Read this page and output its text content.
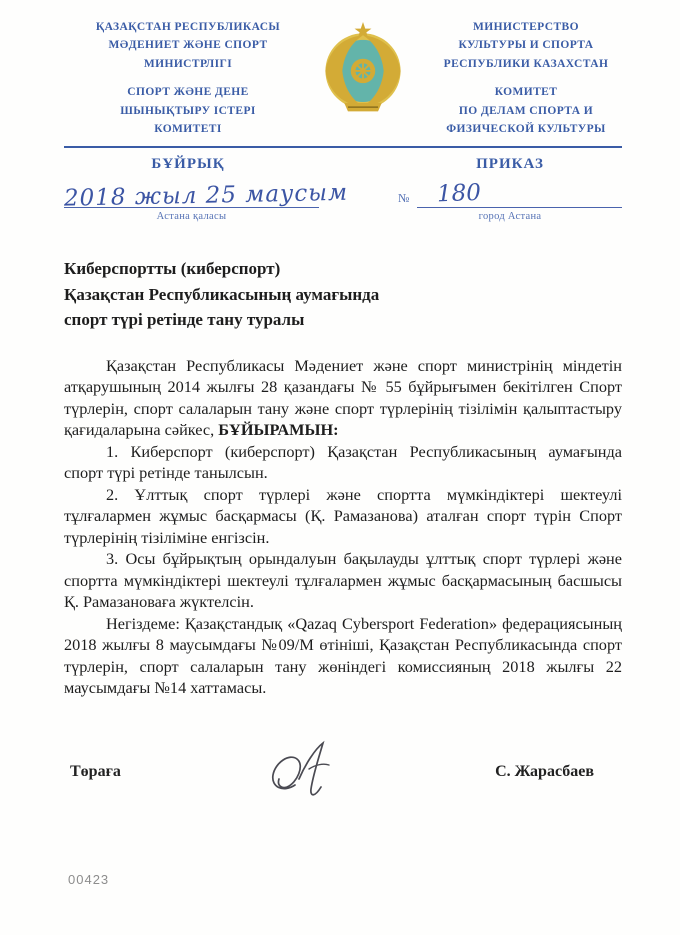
ҚАЗАҚСТАН РЕСПУБЛИКАСЫ
МӘДЕНИЕТ ЖӘНЕ СПОРТ
МИНИСТРЛІГІ
СПОРТ ЖӘНЕ ДЕНЕ
ШЫНЫҚТЫРУ ІСТЕРІ
КОМИТЕТІ
МИНИСТЕРСТВО
КУЛЬТУРЫ И СПОРТА
РЕСПУБЛИКИ КАЗАХСТАН
КОМИТЕТ
ПО ДЕЛАМ СПОРТА И
ФИЗИЧЕСКОЙ КУЛЬТУРЫ
БҰЙРЫҚ	ПРИКАЗ
2018 жыл 25 маусым
Астана қаласы
№	180
город Астана
Киберспортты (киберспорт)
Қазақстан Республикасының аумағында
спорт түрі ретінде тану туралы

Қазақстан Республикасы Мәдениет және спорт министрінің міндетін атқарушының 2014 жылғы 28 қазандағы № 55 бұйрығымен бекітілген Спорт түрлерін, спорт салаларын тану және спорт түрлерінің тізілімін қалыптастыру қағидаларына сәйкес, БҰЙЫРАМЫН:

1. Киберспорт (киберспорт) Қазақстан Республикасының аумағында спорт түрі ретінде танылсын.

2. Ұлттық спорт түрлері және спортта мүмкіндіктері шектеулі тұлғалармен жұмыс басқармасы (Қ. Рамазанова) аталған спорт түрін Спорт түрлерінің тізіліміне енгізсін.

3. Осы бұйрықтың орындалуын бақылауды ұлттық спорт түрлері және спортта мүмкіндіктері шектеулі тұлғалармен жұмыс басқармасының басшысы Қ. Рамазановаға жүктелсін.

Негіздеме: Қазақстандық «Qazaq Cybersport Federation» федерациясының 2018 жылғы 8 маусымдағы №09/М өтініші, Қазақстан Республикасында спорт түрлерін, спорт салаларын тану жөніндегі комиссияның 2018 жылғы 22 маусымдағы №14 хаттамасы.

Төраға	С. Жарасбаев
00423
